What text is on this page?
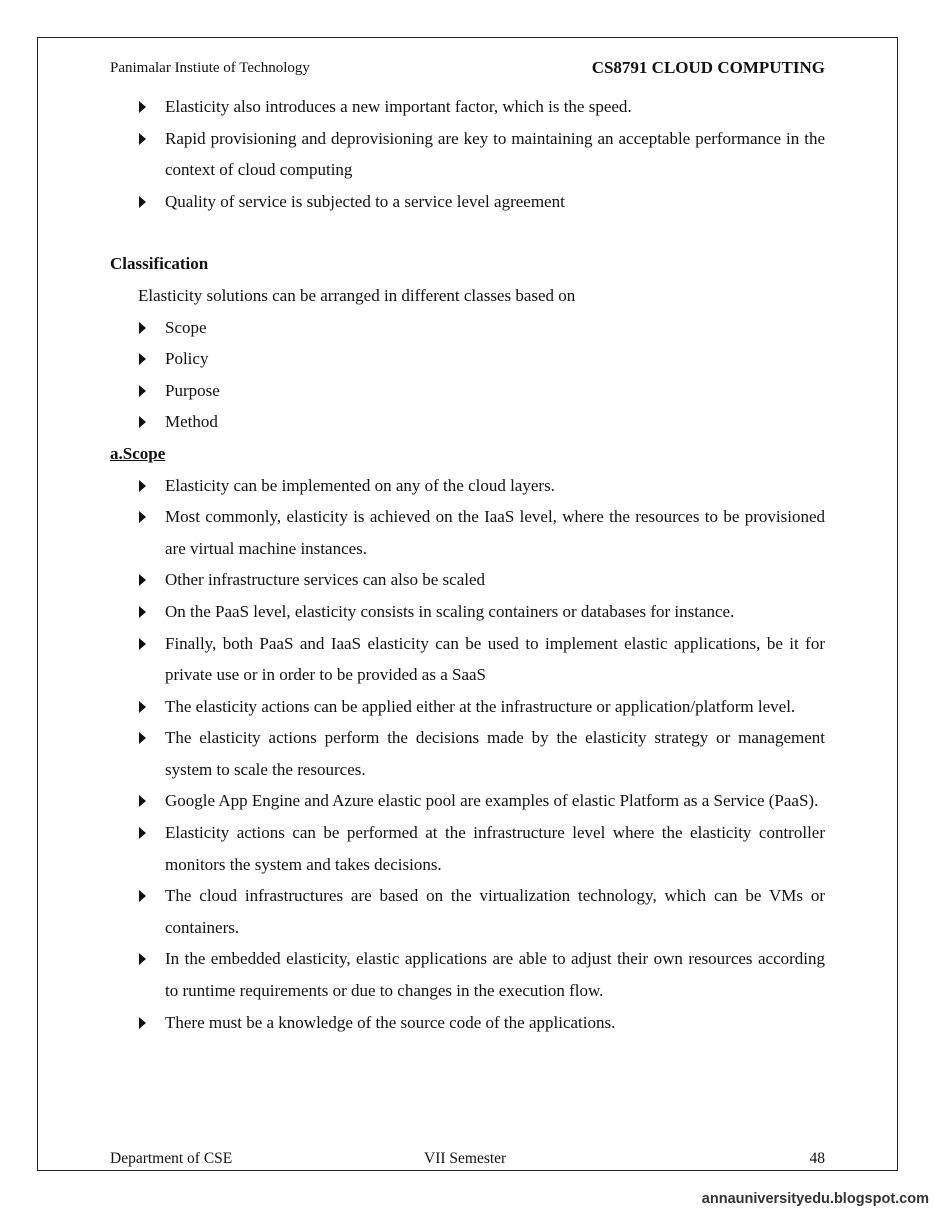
Panimalar Instiute of Technology	CS8791 CLOUD COMPUTING
Elasticity also introduces a new important factor, which is the speed.
Rapid provisioning and deprovisioning are key to maintaining an acceptable performance in the context of cloud computing
Quality of service is subjected to a service level agreement
Classification
Elasticity solutions can be arranged in different classes based on
Scope
Policy
Purpose
Method
a.Scope
Elasticity can be implemented on any of the cloud layers.
Most commonly, elasticity is achieved on the IaaS level, where the resources to be provisioned are virtual machine instances.
Other infrastructure services can also be scaled
On the PaaS level, elasticity consists in scaling containers or databases for instance.
Finally, both PaaS and IaaS elasticity can be used to implement elastic applications, be it for private use or in order to be provided as a SaaS
The elasticity actions can be applied either at the infrastructure or application/platform level.
The elasticity actions perform the decisions made by the elasticity strategy or management system to scale the resources.
Google App Engine and Azure elastic pool are examples of elastic Platform as a Service (PaaS).
Elasticity actions can be performed at the infrastructure level where the elasticity controller monitors the system and takes decisions.
The cloud infrastructures are based on the virtualization technology, which can be VMs or containers.
In the embedded elasticity, elastic applications are able to adjust their own resources according to runtime requirements or due to changes in the execution flow.
There must be a knowledge of the source code of the applications.
Department of CSE	VII Semester	48
annauniversityedu.blogspot.com
